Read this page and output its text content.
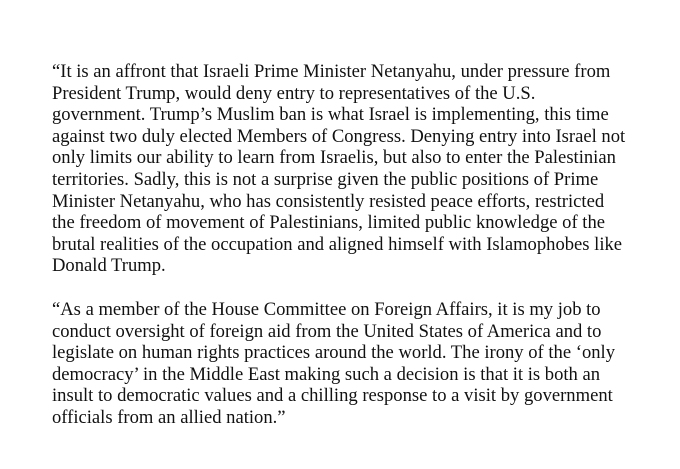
“It is an affront that Israeli Prime Minister Netanyahu, under pressure from
President Trump, would deny entry to representatives of the U.S.
government. Trump’s Muslim ban is what Israel is implementing, this time
against two duly elected Members of Congress. Denying entry into Israel not
only limits our ability to learn from Israelis, but also to enter the Palestinian
territories. Sadly, this is not a surprise given the public positions of Prime
Minister Netanyahu, who has consistently resisted peace efforts, restricted
the freedom of movement of Palestinians, limited public knowledge of the
brutal realities of the occupation and aligned himself with Islamophobes like
Donald Trump.

“As a member of the House Committee on Foreign Affairs, it is my job to
conduct oversight of foreign aid from the United States of America and to
legislate on human rights practices around the world. The irony of the ‘only
democracy’ in the Middle East making such a decision is that it is both an
insult to democratic values and a chilling response to a visit by government
officials from an allied nation.”
